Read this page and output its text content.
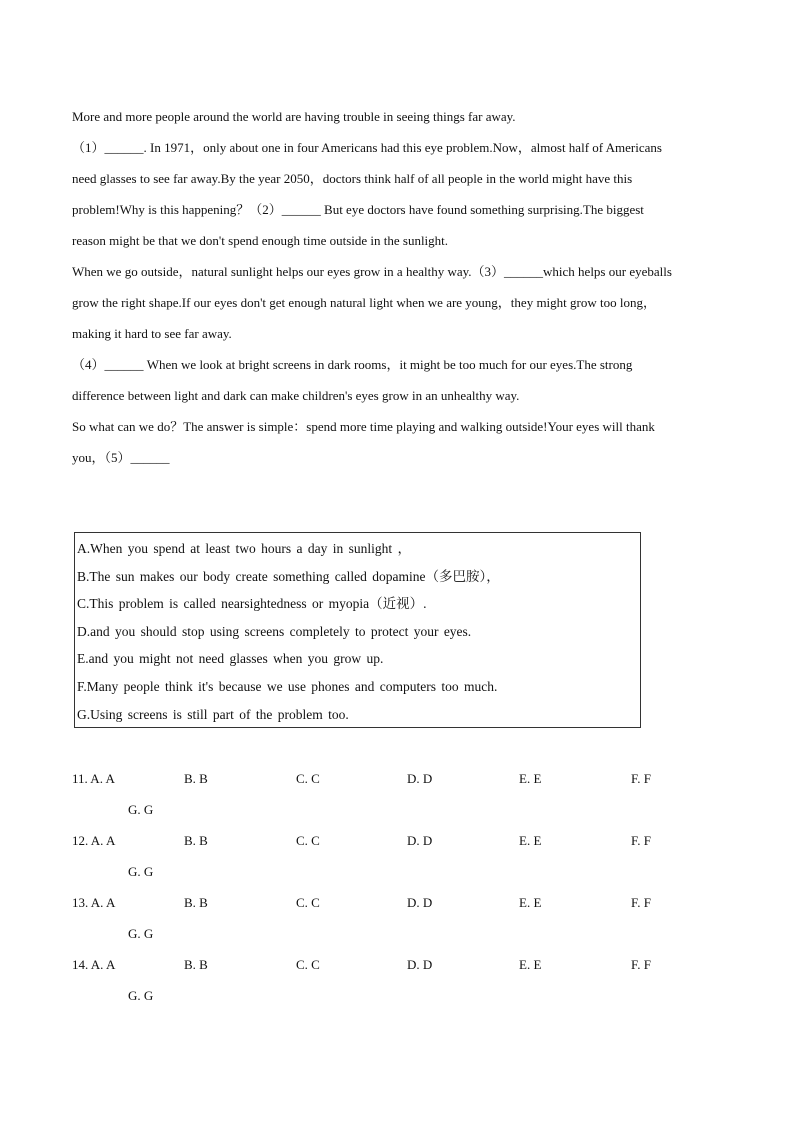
More and more people around the world are having trouble in seeing things far away.

（1）______. In 1971，only about one in four Americans had this eye problem.Now，almost half of Americans

need glasses to see far away.By the year 2050，doctors think half of all people in the world might have this

problem!Why is this happening？（2）______ But eye doctors have found something surprising.The biggest

reason might be that we don't spend enough time outside in the sunlight.

When we go outside，natural sunlight helps our eyes grow in a healthy way.（3）______which helps our eyeballs

grow the right shape.If our eyes don't get enough natural light when we are young，they might grow too long，

making it hard to see far away.

（4）______ When we look at bright screens in dark rooms，it might be too much for our eyes.The strong

difference between light and dark can make children's eyes grow in an unhealthy way.

So what can we do？The answer is simple：spend more time playing and walking outside!Your eyes will thank

you，（5）______

A.When you spend at least two hours a day in sunlight ，
B.The sun makes our body create something called dopamine（多巴胺），
C.This problem is called nearsightedness or myopia（近视）.
D.and you should stop using screens completely to protect your eyes.
E.and you might not need glasses when you grow up.
F.Many people think it's because we use phones and computers too much.
G.Using screens is still part of the problem too.
11. A. A	B. B	C. C	D. D	E. E	F. F
G. G
12. A. A	B. B	C. C	D. D	E. E	F. F
G. G
13. A. A	B. B	C. C	D. D	E. E	F. F
G. G
14. A. A	B. B	C. C	D. D	E. E	F. F
G. G
